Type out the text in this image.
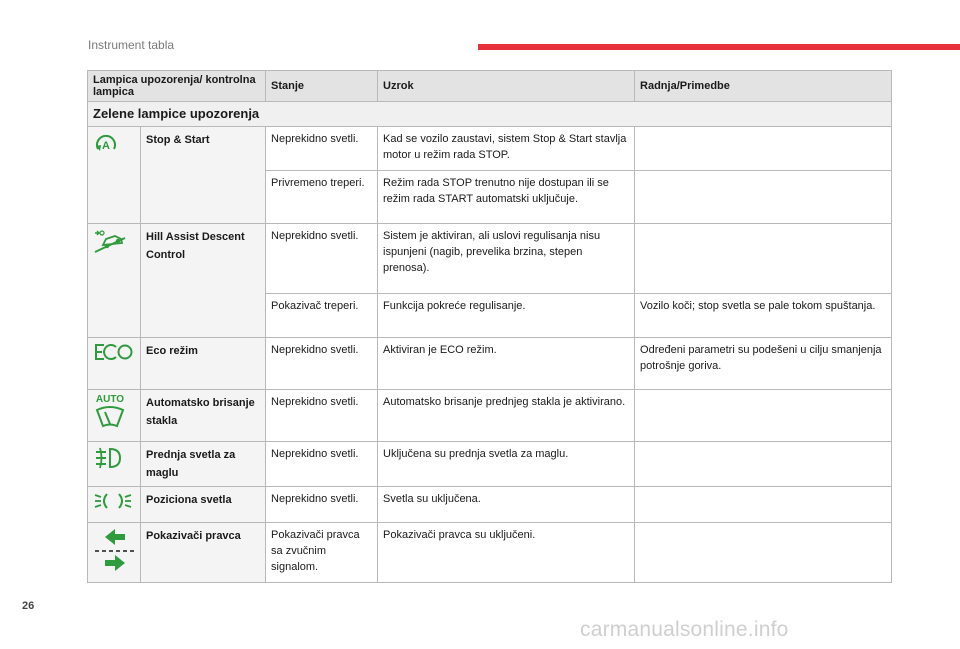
Instrument tabla
Lampica upozorenja/ kontrolna lampica		Stanje	Uzrok	Radnja/Primedbe
Zelene lampice upozorenja				

A	Stop & Start	Neprekidno svetli.	Kad se vozilo zaustavi, sistem Stop & Start stavlja motor u režim rada STOP.	
		Privremeno treperi.	Režim rada STOP trenutno nije dostupan ili se režim rada START automatski uključuje.	
	Hill Assist Descent Control	Neprekidno svetli.	Sistem je aktiviran, ali uslovi regulisanja nisu ispunjeni (nagib, prevelika brzina, stepen prenosa).	
		Pokazivač treperi.	Funkcija pokreće regulisanje.	Vozilo koči; stop svetla se pale tokom spuštanja.
	Eco režim	Neprekidno svetli.	Aktiviran je ECO režim.	Određeni parametri su podešeni u cilju smanjenja potrošnje goriva.

AUTO	Automatsko brisanje stakla	Neprekidno svetli.	Automatsko brisanje prednjeg stakla je aktivirano.	
	Prednja svetla za maglu	Neprekidno svetli.	Uključena su prednja svetla za maglu.	
	Poziciona svetla	Neprekidno svetli.	Svetla su uključena.	
	Pokazivači pravca	Pokazivači pravca sa zvučnim signalom.	Pokazivači pravca su uključeni.	
26
carmanualsonline.info
